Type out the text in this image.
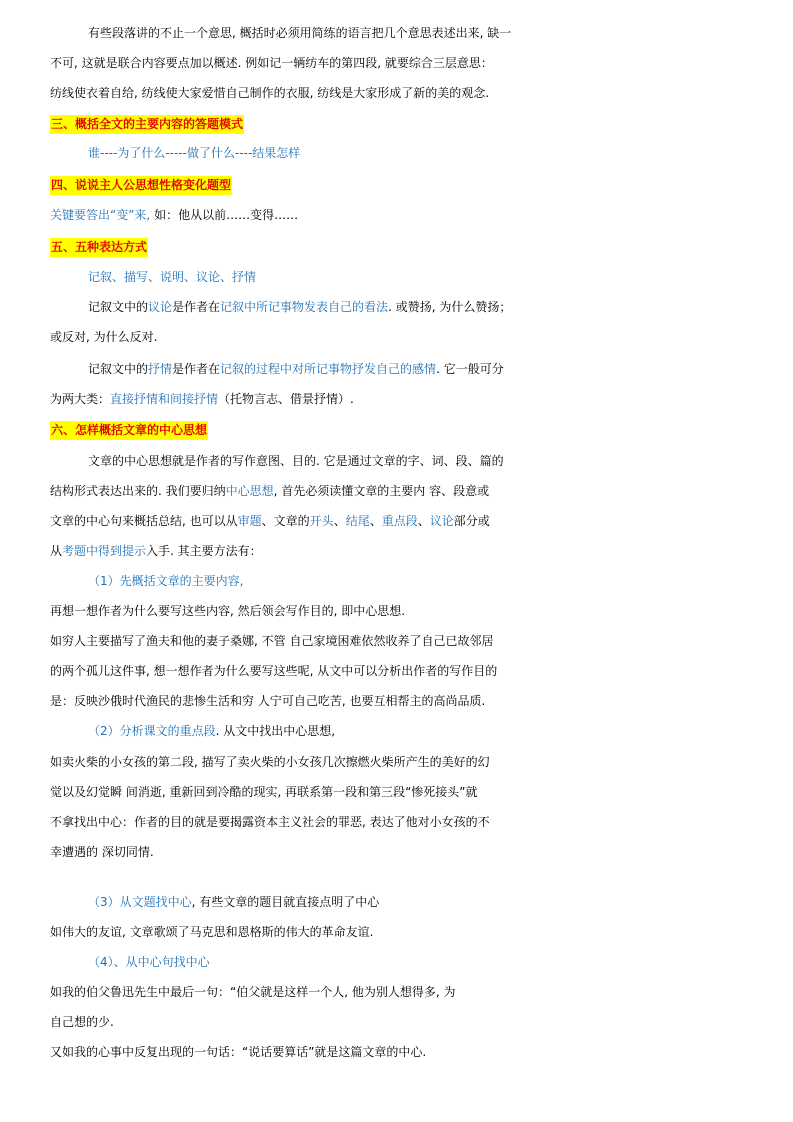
有些段落讲的不止一个意思, 概括时必须用简练的语言把几个意思表述出来, 缺一
不可, 这就是联合内容要点加以概述. 例如记一辆纺车的第四段, 就要综合三层意思：
纺线使衣着自给, 纺线使大家爱惜自己制作的衣服, 纺线是大家形成了新的美的观念.
三、概括全文的主要内容的答题模式
谁----为了什么-----做了什么----结果怎样
四、说说主人公思想性格变化题型
关键要答出“变”来, 如：他从以前……变得……
五、五种表达方式
记叙、描写、说明、议论、抒情
记叙文中的议论是作者在记叙中所记事物发表自己的看法. 或赞扬, 为什么赞扬；
或反对, 为什么反对.
记叙文中的抒情是作者在记叙的过程中对所记事物抒发自己的感情. 它一般可分
为两大类：直接抒情和间接抒情（托物言志、借景抒情）.
六、怎样概括文章的中心思想
文章的中心思想就是作者的写作意图、目的. 它是通过文章的字、词、段、篇的
结构形式表达出来的. 我们要归纳中心思想, 首先必须读懂文章的主要内 容、段意或
文章的中心句来概括总结, 也可以从审题、文章的开头、结尾、重点段、议论部分或
从考题中得到提示入手. 其主要方法有：
（1）先概括文章的主要内容,
再想一想作者为什么要写这些内容, 然后领会写作目的, 即中心思想.
如穷人主要描写了渔夫和他的妻子桑娜, 不管 自己家境困难依然收养了自己已故邻居
的两个孤儿这件事, 想一想作者为什么要写这些呢, 从文中可以分析出作者的写作目的
是：反映沙俄时代渔民的悲惨生活和穷 人宁可自己吃苦, 也要互相帮主的高尚品质.
（2）分析课文的重点段. 从文中找出中心思想,
如卖火柴的小女孩的第二段, 描写了卖火柴的小女孩几次擦燃火柴所产生的美好的幻
觉以及幻觉瞬 间消逝, 重新回到冷酷的现实, 再联系第一段和第三段“惨死接头”就
不拿找出中心：作者的目的就是要揭露资本主义社会的罪恶, 表达了他对小女孩的不
幸遭遇的 深切同情.
（3）从文题找中心, 有些文章的题目就直接点明了中心
如伟大的友谊, 文章歌颂了马克思和恩格斯的伟大的革命友谊.
（4）、从中心句找中心
如我的伯父鲁迅先生中最后一句：“伯父就是这样一个人, 他为别人想得多, 为
自己想的少.
又如我的心事中反复出现的一句话：“说话要算话”就是这篇文章的中心.
